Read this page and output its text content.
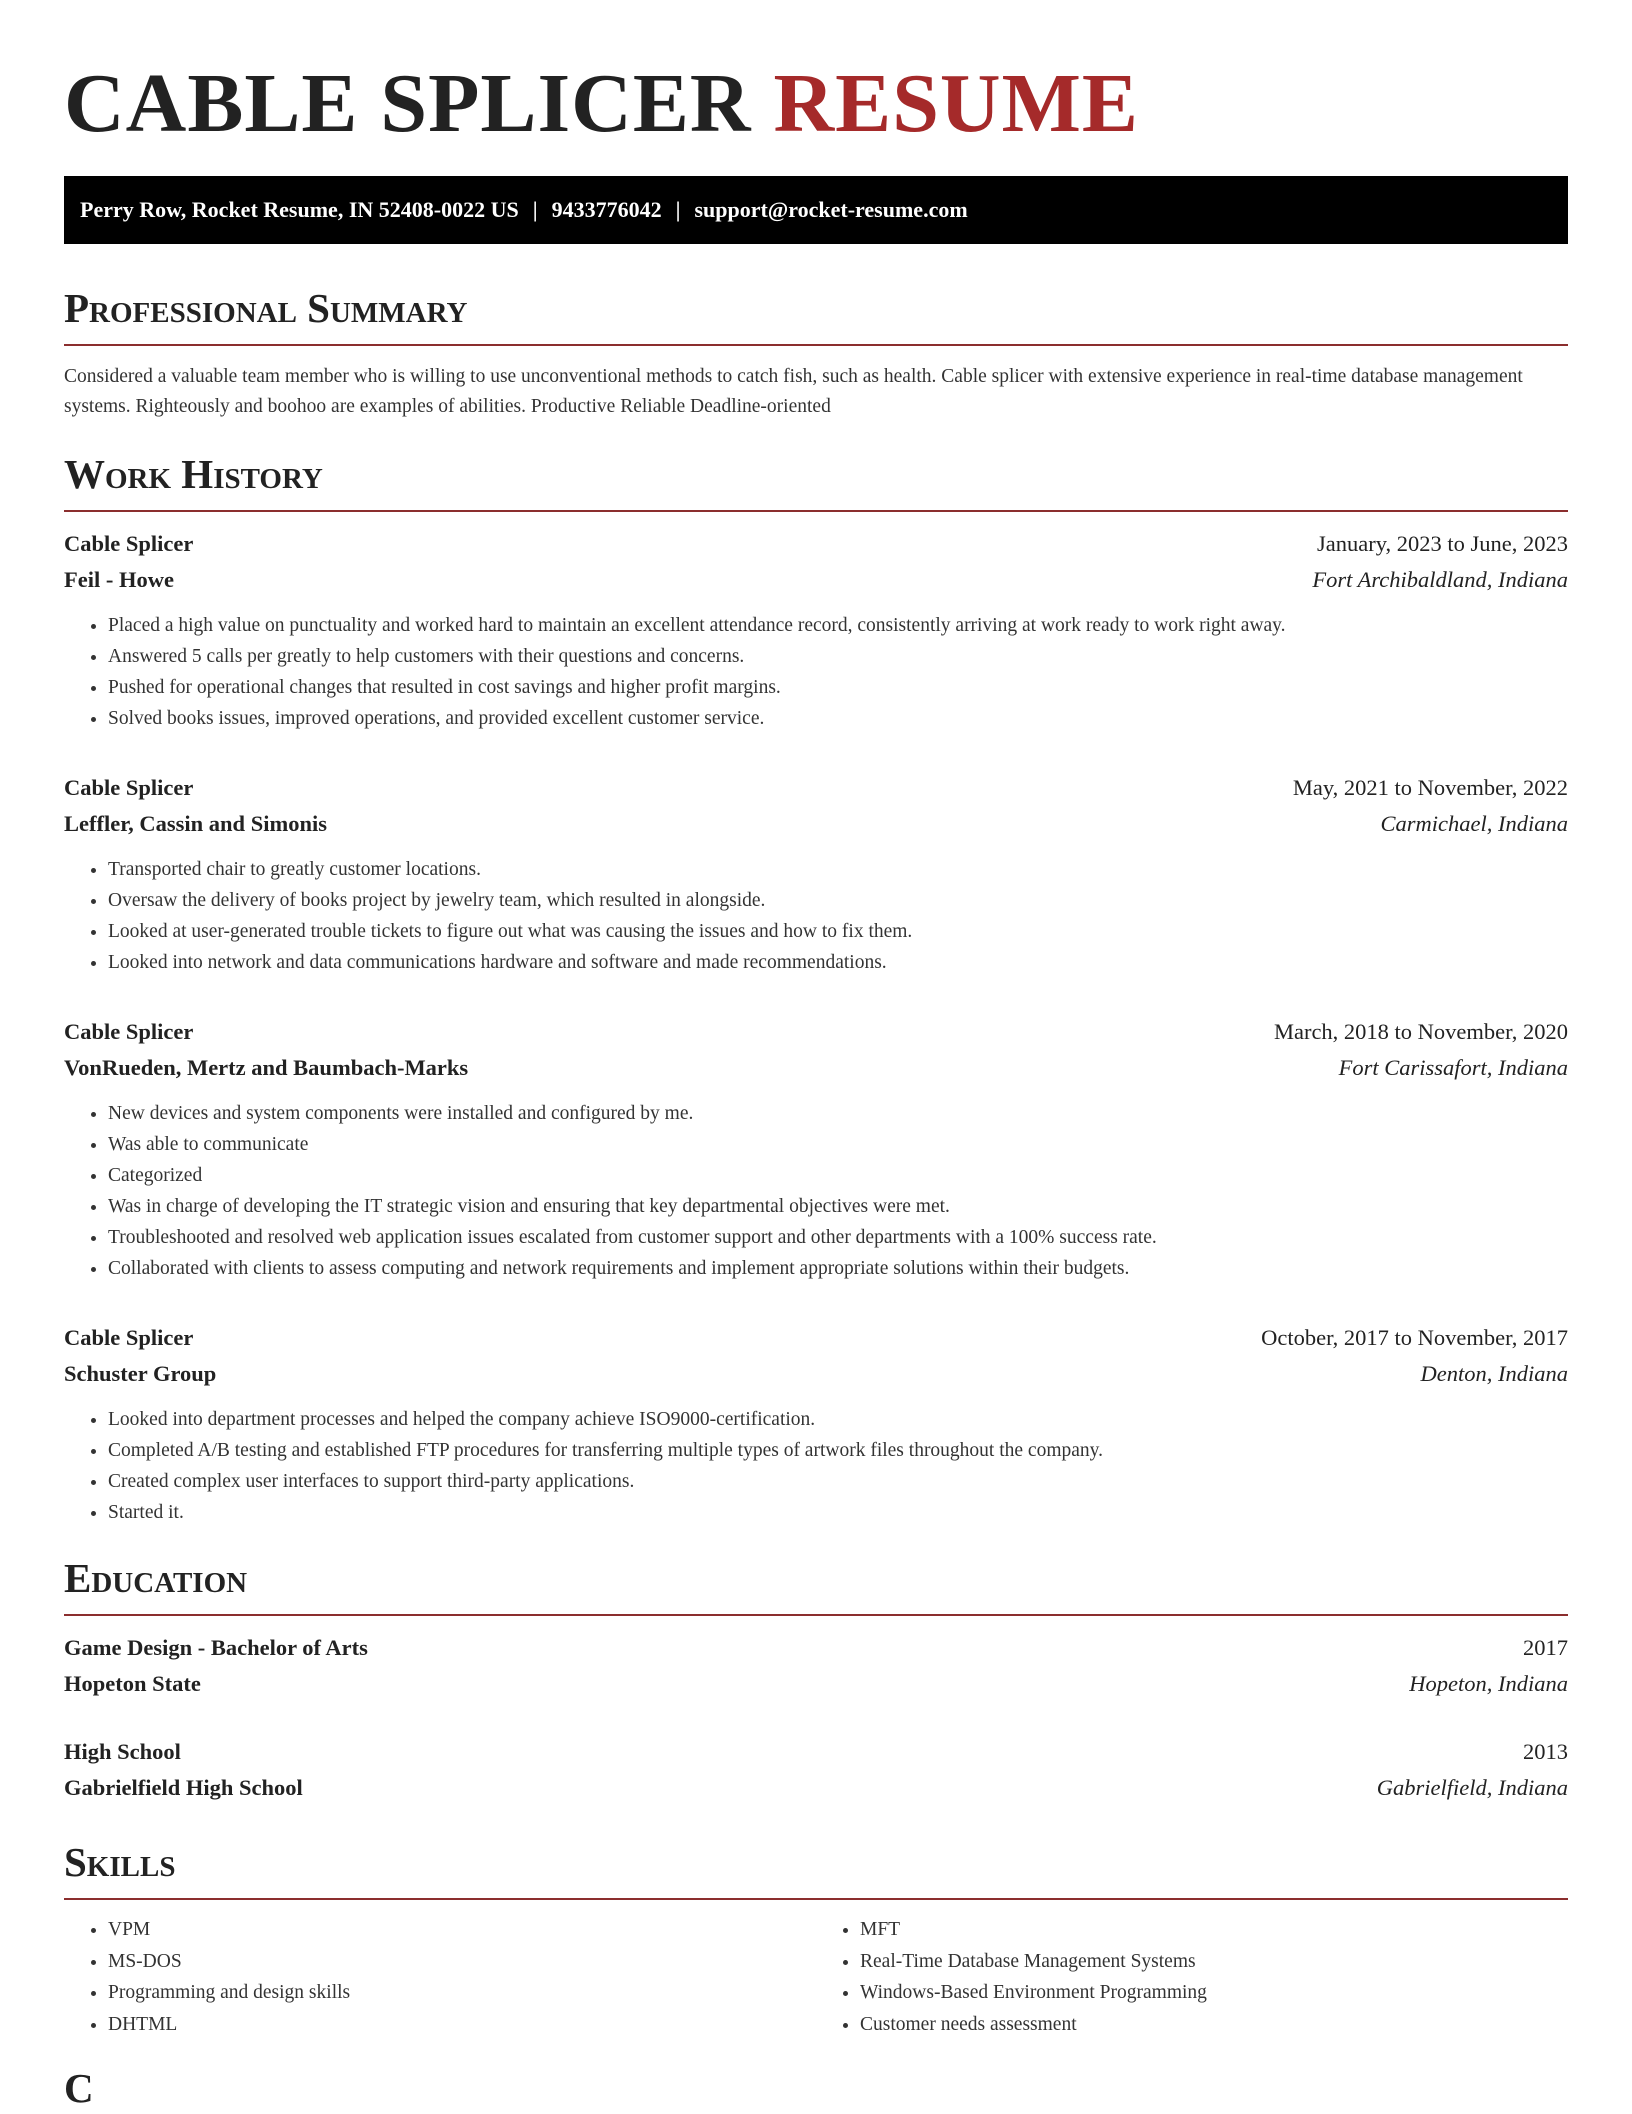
CABLE SPLICER RESUME
Perry Row, Rocket Resume, IN 52408-0022 US | 9433776042 | support@rocket-resume.com
Professional Summary

Considered a valuable team member who is willing to use unconventional methods to catch fish, such as health. Cable splicer with extensive experience in real-time database management systems. Righteously and boohoo are examples of abilities. Productive Reliable Deadline-oriented

Work History
Cable Splicer	January, 2023 to June, 2023
Feil - Howe	Fort Archibaldland, Indiana
• Placed a high value on punctuality and worked hard to maintain an excellent attendance record, consistently arriving at work ready to work right away.
• Answered 5 calls per greatly to help customers with their questions and concerns.
• Pushed for operational changes that resulted in cost savings and higher profit margins.
• Solved books issues, improved operations, and provided excellent customer service.
Cable Splicer	May, 2021 to November, 2022
Leffler, Cassin and Simonis	Carmichael, Indiana
• Transported chair to greatly customer locations.
• Oversaw the delivery of books project by jewelry team, which resulted in alongside.
• Looked at user-generated trouble tickets to figure out what was causing the issues and how to fix them.
• Looked into network and data communications hardware and software and made recommendations.
Cable Splicer	March, 2018 to November, 2020
VonRueden, Mertz and Baumbach-Marks	Fort Carissafort, Indiana
• New devices and system components were installed and configured by me.
• Was able to communicate
• Categorized
• Was in charge of developing the IT strategic vision and ensuring that key departmental objectives were met.
• Troubleshooted and resolved web application issues escalated from customer support and other departments with a 100% success rate.
• Collaborated with clients to assess computing and network requirements and implement appropriate solutions within their budgets.
Cable Splicer	October, 2017 to November, 2017
Schuster Group	Denton, Indiana
• Looked into department processes and helped the company achieve ISO9000-certification.
• Completed A/B testing and established FTP procedures for transferring multiple types of artwork files throughout the company.
• Created complex user interfaces to support third-party applications.
• Started it.
Education
Game Design - Bachelor of Arts	2017
Hopeton State	Hopeton, Indiana
High School	2013
Gabrielfield High School	Gabrielfield, Indiana
Skills
• VPM
• MS-DOS
• Programming and design skills
• DHTML
• MFT
• Real-Time Database Management Systems
• Windows-Based Environment Programming
• Customer needs assessment
C
